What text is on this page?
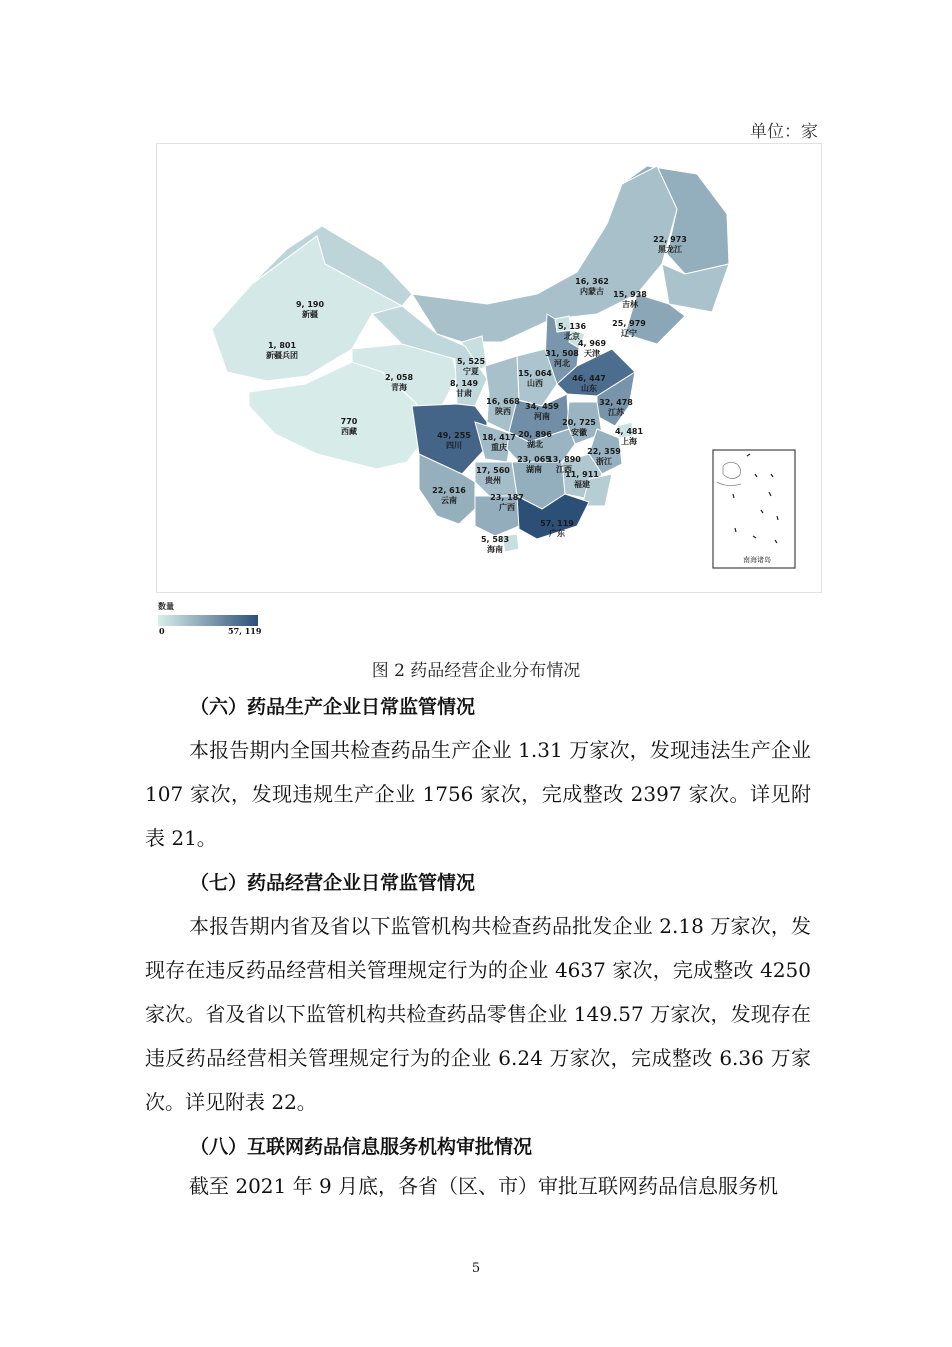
单位：家
22, 973
黑龙江
16, 362
内蒙古 15, 938
吉林
25, 979
辽宁
9, 190
新疆
1, 801
新疆兵团
5, 136
北京
4, 969
天津
31, 508
河北
5, 525
宁夏	15, 064
山西
46, 447
山东
2, 058
青海	8, 149
甘肃
16, 668
陕西
34, 459
河南
32, 478
江苏
770
西藏
20, 725
安徽	4, 481
上海
49, 255
四川
18, 417
重庆
20, 896
湖北
22, 359
浙江
23, 065
湖南
13, 890
江西
11, 911
福建
17, 560
贵州
22, 616
云南	23, 187
广西
57, 119
广东
5, 583
海南
南海诸岛
数量
0	57, 119
图 2 药品经营企业分布情况
（六）药品生产企业日常监管情况
本报告期内全国共检查药品生产企业 1.31 万家次，发现违法生产企业 107 家次，发现违规生产企业 1756 家次，完成整改 2397 家次。详见附表 21。
（七）药品经营企业日常监管情况
本报告期内省及省以下监管机构共检查药品批发企业 2.18 万家次，发现存在违反药品经营相关管理规定行为的企业 4637 家次，完成整改 4250 家次。省及省以下监管机构共检查药品零售企业 149.57 万家次，发现存在违反药品经营相关管理规定行为的企业 6.24 万家次，完成整改 6.36 万家次。详见附表 22。
（八）互联网药品信息服务机构审批情况
截至 2021 年 9 月底，各省（区、市）审批互联网药品信息服务机
5
